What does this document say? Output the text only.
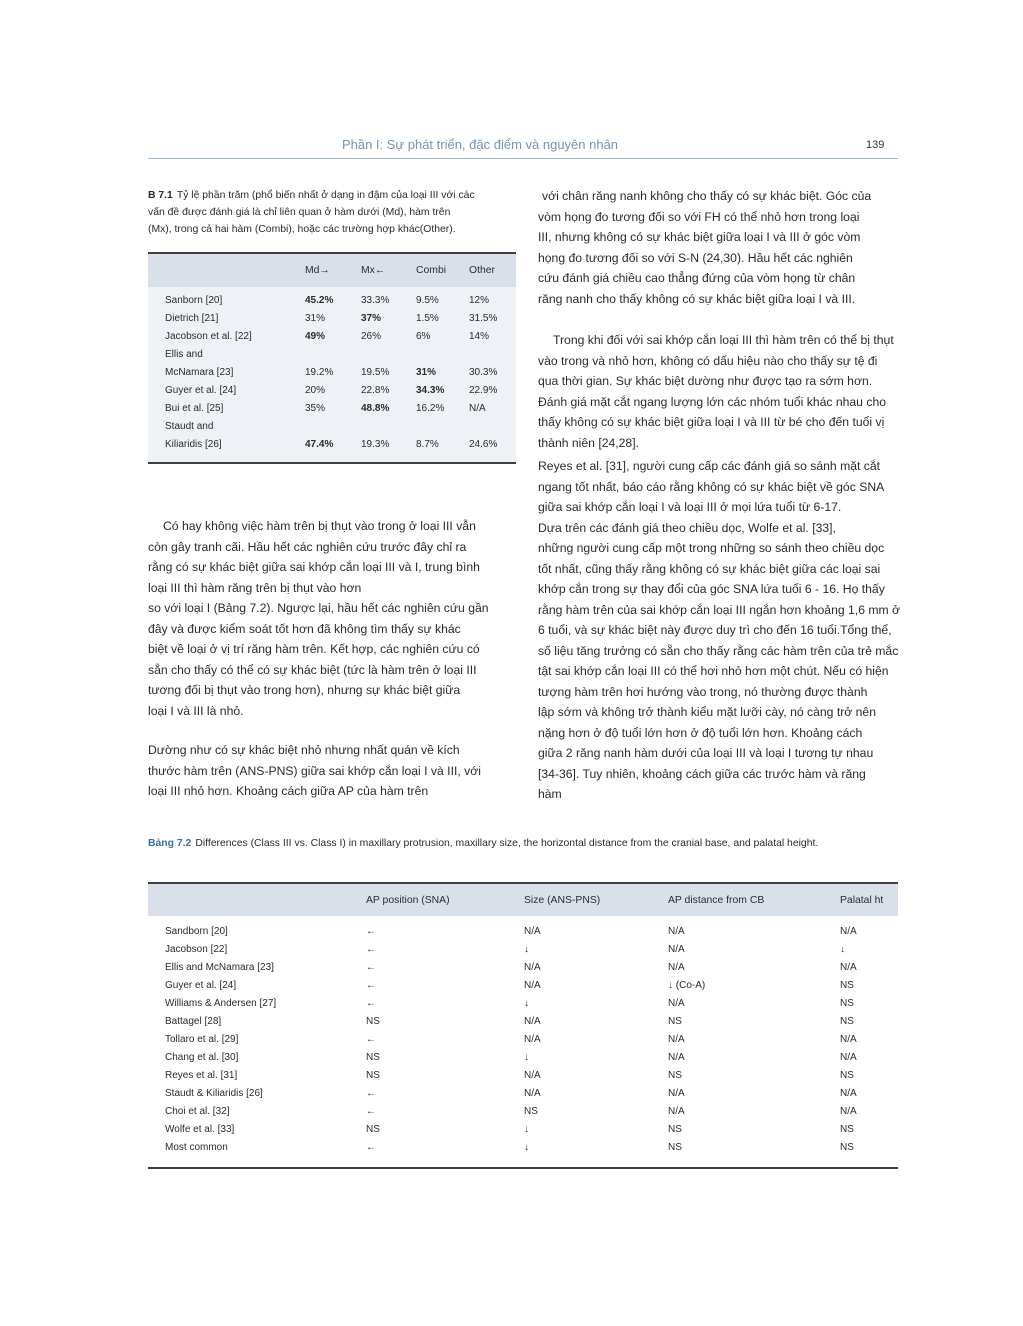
Phần I: Sự phát triển, đặc điểm và nguyên nhân	139
B 7.1 Tỷ lệ phần trăm (phổ biến nhất ở dạng in đậm của loại III với các
vấn đề được đánh giá là chỉ liên quan ở hàm dưới (Md), hàm trên
(Mx), trong cả hai hàm (Combi), hoặc các trường hợp khác(Other).
Md→	Mx←	Combi Other
Sanborn [20]	45.2%	33.3%	9.5%	12%
Dietrich [21]	31%	37%	1.5%	31.5%
Jacobson et al. [22]	49%	26%	6%	14%
Ellis and
McNamara [23]	19.2%	19.5%	31%	30.3%
Guyer et al. [24]	20%	22.8%	34.3% 22.9%
Bui et al. [25]	35%	48.8%	16.2% N/A
Staudt and
Kiliaridis [26]	47.4%	19.3%	8.7%	24.6%
Có hay không việc hàm trên bị thụt vào trong ở loại III vẫn
còn gây tranh cãi. Hầu hết các nghiên cứu trước đây chỉ ra
rằng có sự khác biệt giữa sai khớp cắn loại III và I, trung bình
loại III thì hàm răng trên bị thụt vào hơn
so với loại I (Bảng 7.2). Ngược lại, hầu hết các nghiên cứu gần
đây và được kiểm soát tốt hơn đã không tìm thấy sự khác
biệt về loại ở vị trí răng hàm trên. Kết hợp, các nghiên cứu có
sẵn cho thấy có thể có sự khác biệt (tức là hàm trên ở loại III
tương đối bị thụt vào trong hơn), nhưng sự khác biệt giữa
loại I và III là nhỏ.
Dường như có sự khác biệt nhỏ nhưng nhất quán về kích
thước hàm trên (ANS-PNS) giữa sai khớp cắn loại I và III, với
loại III nhỏ hơn. Khoảng cách giữa AP của hàm trên
với chân răng nanh không cho thấy có sự khác biệt. Góc của
vòm họng đo tương đối so với FH có thể nhỏ hơn trong loại
III, nhưng không có sự khác biệt giữa loại I và III ở góc vòm
họng đo tương đối so với S-N (24,30). Hầu hết các nghiên
cứu đánh giá chiều cao thẳng đứng của vòm họng từ chân
răng nanh cho thấy không có sự khác biệt giữa loại I và III.
Trong khi đối với sai khớp cắn loại III thì hàm trên có thể bị thụt
vào trong và nhỏ hơn, không có dấu hiệu nào cho thấy sự tệ đi
qua thời gian. Sự khác biệt dường như được tạo ra sớm hơn.
Đánh giá mặt cắt ngang lượng lớn các nhóm tuổi khác nhau cho
thấy không có sự khác biệt giữa loại I và III từ bé cho đến tuổi vị
thành niên [24,28].
Reyes et al. [31], người cung cấp các đánh giá so sánh mặt cắt
ngang tốt nhất, báo cáo rằng không có sự khác biệt về góc SNA
giữa sai khớp cắn loại I và loại III ở mọi lứa tuổi từ 6-17.
Dựa trên các đánh giá theo chiều dọc, Wolfe et al. [33],
những người cung cấp một trong những so sánh theo chiều dọc
tốt nhất, cũng thấy rằng không có sự khác biệt giữa các loại sai
khớp cắn trong sự thay đổi của góc SNA lứa tuổi 6 - 16. Họ thấy
rằng hàm trên của sai khớp cắn loại III ngắn hơn khoảng 1,6 mm ở
6 tuổi, và sự khác biệt này được duy trì cho đến 16 tuổi.Tổng thể,
số liệu tăng trưởng có sẵn cho thấy rằng các hàm trên của trẻ mắc
tật sai khớp cắn loại III có thể hơi nhỏ hơn một chút. Nếu có hiện
tượng hàm trên hơi hướng vào trong, nó thường được thành
lập sớm và không trở thành kiểu mặt lưỡi cày, nó càng trở nên
nặng hơn ở độ tuổi lớn hơn ở độ tuổi lớn hơn. Khoảng cách
giữa 2 răng nanh hàm dưới của loại III và loại I tương tự nhau
[34-36]. Tuy nhiên, khoảng cách giữa các trước hàm và răng
hàm
Bảng 7.2 Differences (Class III vs. Class I) in maxillary protrusion, maxillary size, the horizontal distance from the cranial base, and palatal height.
AP position (SNA)	Size (ANS-PNS)	AP distance from CB	Palatal ht
Sandborn [20]	←	N/A	N/A	N/A
Jacobson [22]	←	↓	N/A	↓
Ellis and McNamara [23]	←	N/A	N/A	N/A
Guyer et al. [24]	←	N/A	↓ (Co-A)	NS
Williams & Andersen [27]	←	↓	N/A	NS
Battagel [28]	NS	N/A	NS	NS
Tollaro et al. [29]	←	N/A	N/A	N/A
Chang et al. [30]	NS	↓	N/A	N/A
Reyes et al. [31]	NS	N/A	NS	NS
Staudt & Kiliaridis [26]	←	N/A	N/A	N/A
Choi et al. [32]	←	NS	N/A	N/A
Wolfe et al. [33]	NS	↓	NS	NS
Most common	←	↓	NS	NS
